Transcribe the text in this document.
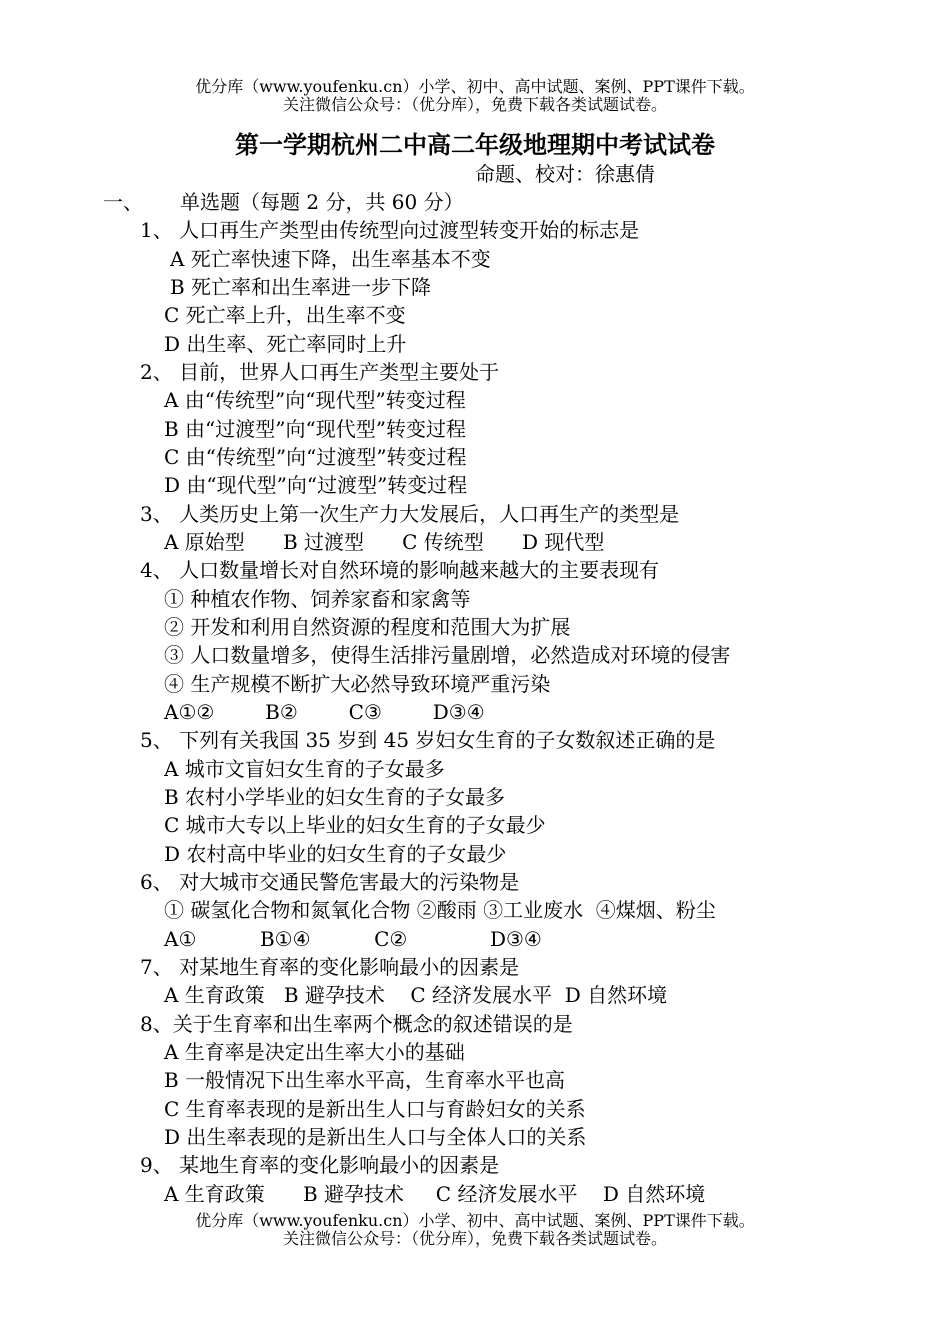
优分库（www.youfenku.cn）小学、初中、高中试题、案例、PPT课件下载。
关注微信公众号：（优分库），免费下载各类试题试卷。
第一学期杭州二中高二年级地理期中考试试卷
命题、校对：徐惠倩
一、 单选题（每题 2 分，共 60 分）
1、 人口再生产类型由传统型向过渡型转变开始的标志是
A 死亡率快速下降，出生率基本不变
B 死亡率和出生率进一步下降
C 死亡率上升，出生率不变
D 出生率、死亡率同时上升
2、 目前，世界人口再生产类型主要处于
A 由“传统型”向“现代型”转变过程
B 由“过渡型”向“现代型”转变过程
C 由“传统型”向“过渡型”转变过程
D 由“现代型”向“过渡型”转变过程
3、 人类历史上第一次生产力大发展后，人口再生产的类型是
A 原始型      B 过渡型      C 传统型      D 现代型
4、 人口数量增长对自然环境的影响越来越大的主要表现有
① 种植农作物、饲养家畜和家禽等
② 开发和利用自然资源的程度和范围大为扩展
③ 人口数量增多，使得生活排污量剧增，必然造成对环境的侵害
④ 生产规模不断扩大必然导致环境严重污染
A①②        B②        C③        D③④
5、 下列有关我国 35 岁到 45 岁妇女生育的子女数叙述正确的是
A 城市文盲妇女生育的子女最多
B 农村小学毕业的妇女生育的子女最多
C 城市大专以上毕业的妇女生育的子女最少
D 农村高中毕业的妇女生育的子女最少
6、 对大城市交通民警危害最大的污染物是
① 碳氢化合物和氮氧化合物 ②酸雨 ③工业废水  ④煤烟、粉尘
A①          B①④          C②             D③④
7、 对某地生育率的变化影响最小的因素是
A 生育政策   B 避孕技术    C 经济发展水平  D 自然环境
8、关于生育率和出生率两个概念的叙述错误的是
A 生育率是决定出生率大小的基础
B 一般情况下出生率水平高，生育率水平也高
C 生育率表现的是新出生人口与育龄妇女的关系
D 出生率表现的是新出生人口与全体人口的关系
9、 某地生育率的变化影响最小的因素是
A 生育政策      B 避孕技术     C 经济发展水平    D 自然环境
优分库（www.youfenku.cn）小学、初中、高中试题、案例、PPT课件下载。
关注微信公众号：（优分库），免费下载各类试题试卷。
